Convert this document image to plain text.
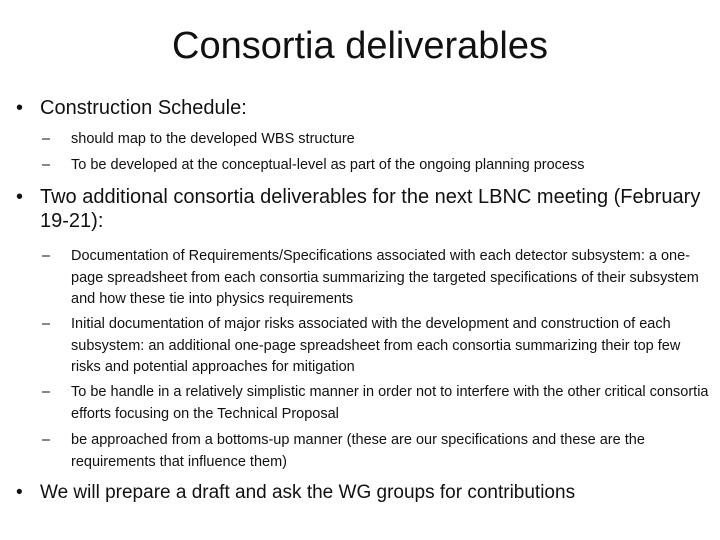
Consortia deliverables
• Construction Schedule:
–	should map to the developed WBS structure
–	To be developed at the conceptual-level as part of the ongoing planning process
• Two additional consortia deliverables for the next LBNC meeting (February 19-21):
–	Documentation of Requirements/Specifications associated with each detector subsystem: a one-page spreadsheet from each consortia summarizing the targeted specifications of their subsystem and how these tie into physics requirements
–	Initial documentation of major risks associated with the development and construction of each subsystem: an additional one-page spreadsheet from each consortia summarizing their top few risks and potential approaches for mitigation
–	To be handle in a relatively simplistic manner in order not to interfere with the other critical consortia efforts focusing on the Technical Proposal
–	be approached from a bottoms-up manner (these are our specifications and these are the requirements that influence them)
• We will prepare a draft and ask the WG groups for contributions
